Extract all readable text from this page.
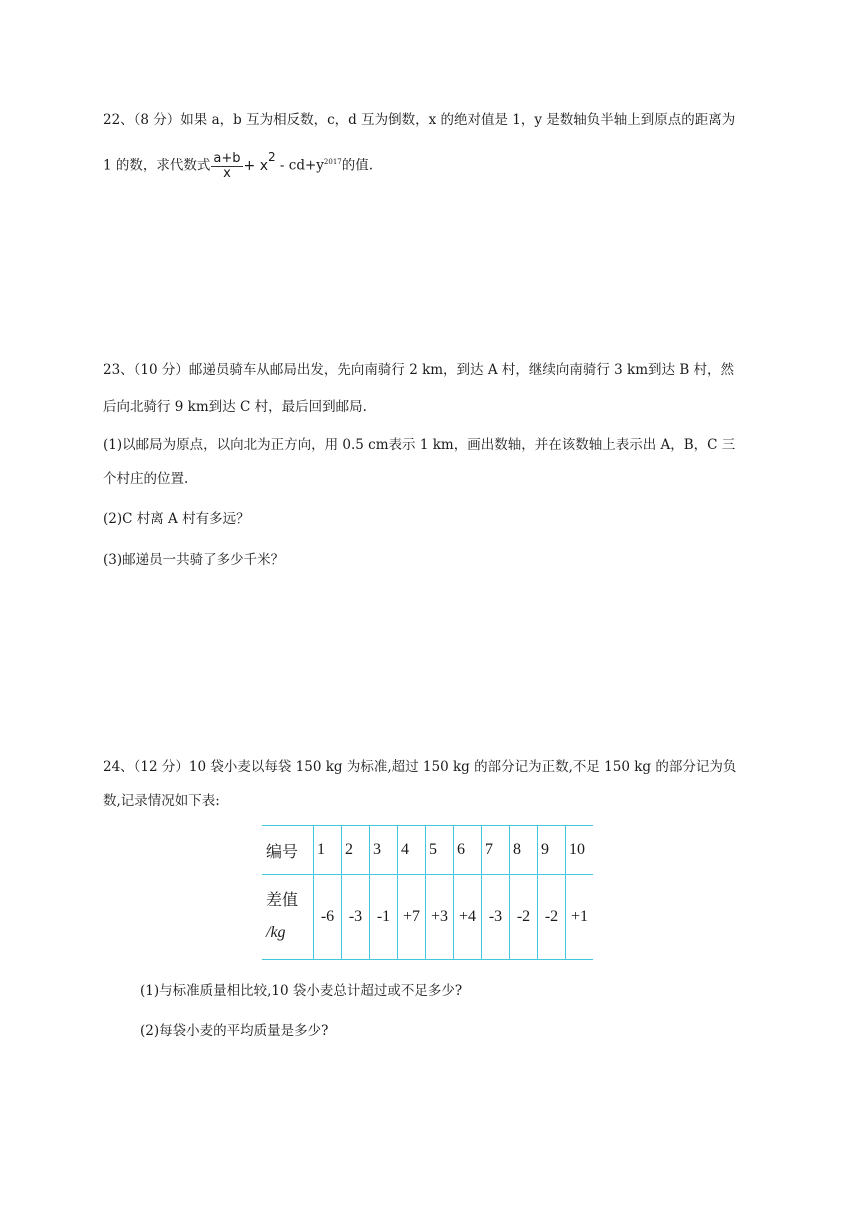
22、（8 分）如果 a，b 互为相反数，c，d 互为倒数，x 的绝对值是 1，y 是数轴负半轴上到原点的距离为
1 的数，求代数式 $\frac{a+b}{x} + x^2 - cd+y^{2017}$的值.
23、（10 分）邮递员骑车从邮局出发，先向南骑行 2 km，到达 A 村，继续向南骑行 3 km到达 B 村，然
后向北骑行 9 km到达 C 村，最后回到邮局.
(1)以邮局为原点，以向北为正方向，用 0.5 cm表示 1 km，画出数轴，并在该数轴上表示出 A，B，C 三
个村庄的位置.
(2)C 村离 A 村有多远？
(3)邮递员一共骑了多少千米？
24、（12 分）10 袋小麦以每袋 150 kg 为标准,超过 150 kg 的部分记为正数,不足 150 kg 的部分记为负
数,记录情况如下表:
编号	1	2	3	4	5	6	7	8	9	10

差值
/kg	-6	-3	-1	+7	+3	+4	-3	-2	-2	+1
(1)与标准质量相比较,10 袋小麦总计超过或不足多少?
(2)每袋小麦的平均质量是多少?
